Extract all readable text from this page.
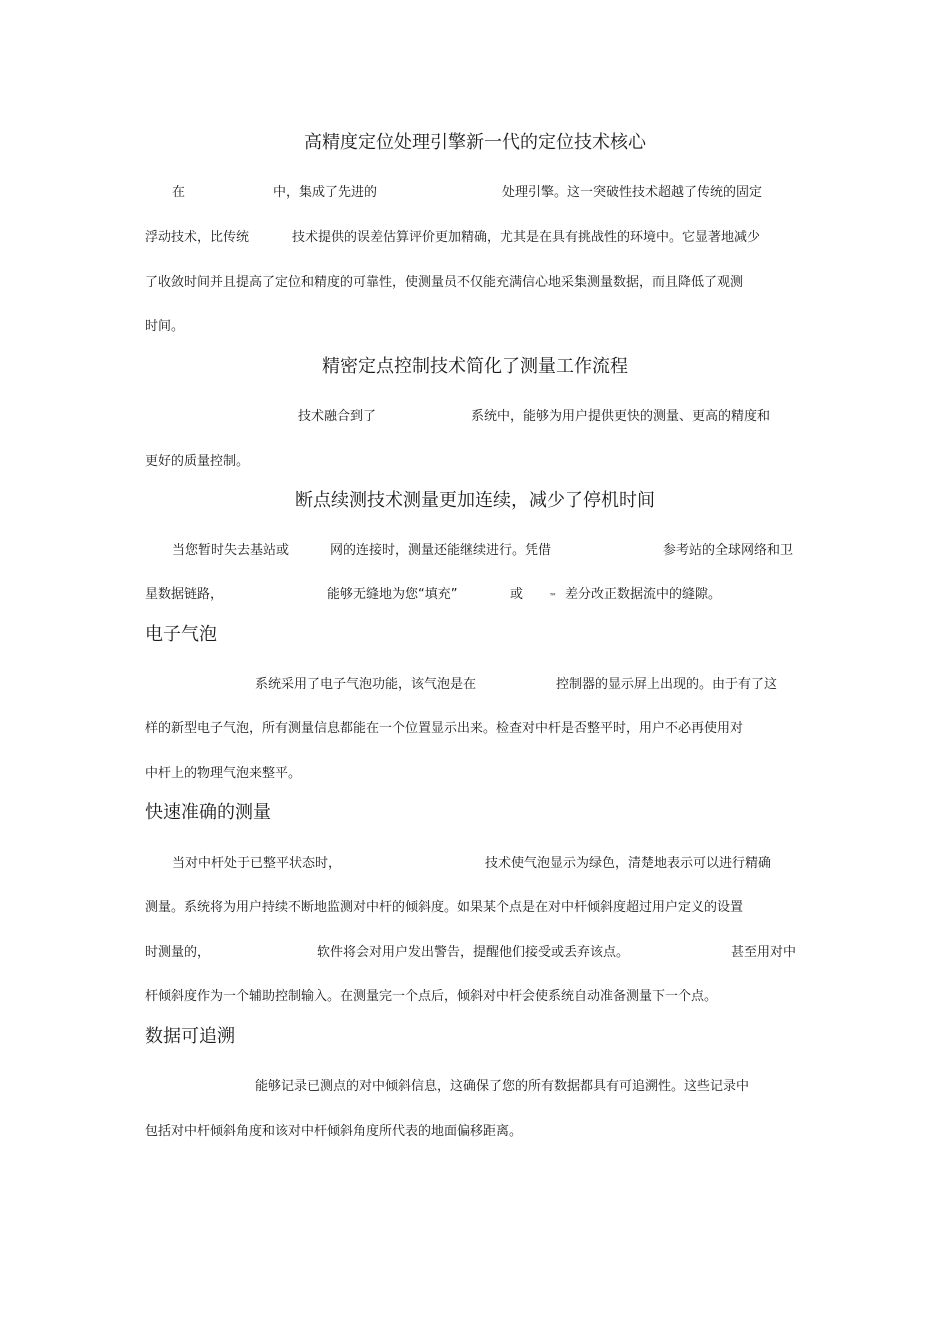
高精度定位处理引擎新一代的定位技术核心
在	中，集成了先进的	处理引擎。这一突破性技术超越了传统的固定
浮动技术，比传统	技术提供的误差估算评价更加精确，尤其是在具有挑战性的环境中。它显著地减少
了收敛时间并且提高了定位和精度的可靠性，使测量员不仅能充满信心地采集测量数据，而且降低了观测
时间。
精密定点控制技术简化了测量工作流程
技术融合到了	系统中，能够为用户提供更快的测量、更高的精度和
更好的质量控制。
断点续测技术测量更加连续，减少了停机时间
当您暂时失去基站或	网的连接时，测量还能继续进行。凭借	参考站的全球网络和卫
星数据链路，	能够无缝地为您“填充”	或	™ 差分改正数据流中的缝隙。
电子气泡
系统采用了电子气泡功能，该气泡是在	控制器的显示屏上出现的。由于有了这
样的新型电子气泡，所有测量信息都能在一个位置显示出来。检查对中杆是否整平时，用户不必再使用对
中杆上的物理气泡来整平。
快速准确的测量
当对中杆处于已整平状态时，	技术使气泡显示为绿色，清楚地表示可以进行精确
测量。系统将为用户持续不断地监测对中杆的倾斜度。如果某个点是在对中杆倾斜度超过用户定义的设置
时测量的，	软件将会对用户发出警告，提醒他们接受或丢弃该点。	甚至用对中
杆倾斜度作为一个辅助控制输入。在测量完一个点后，倾斜对中杆会使系统自动准备测量下一个点。
数据可追溯
能够记录已测点的对中倾斜信息，这确保了您的所有数据都具有可追溯性。这些记录中
包括对中杆倾斜角度和该对中杆倾斜角度所代表的地面偏移距离。
